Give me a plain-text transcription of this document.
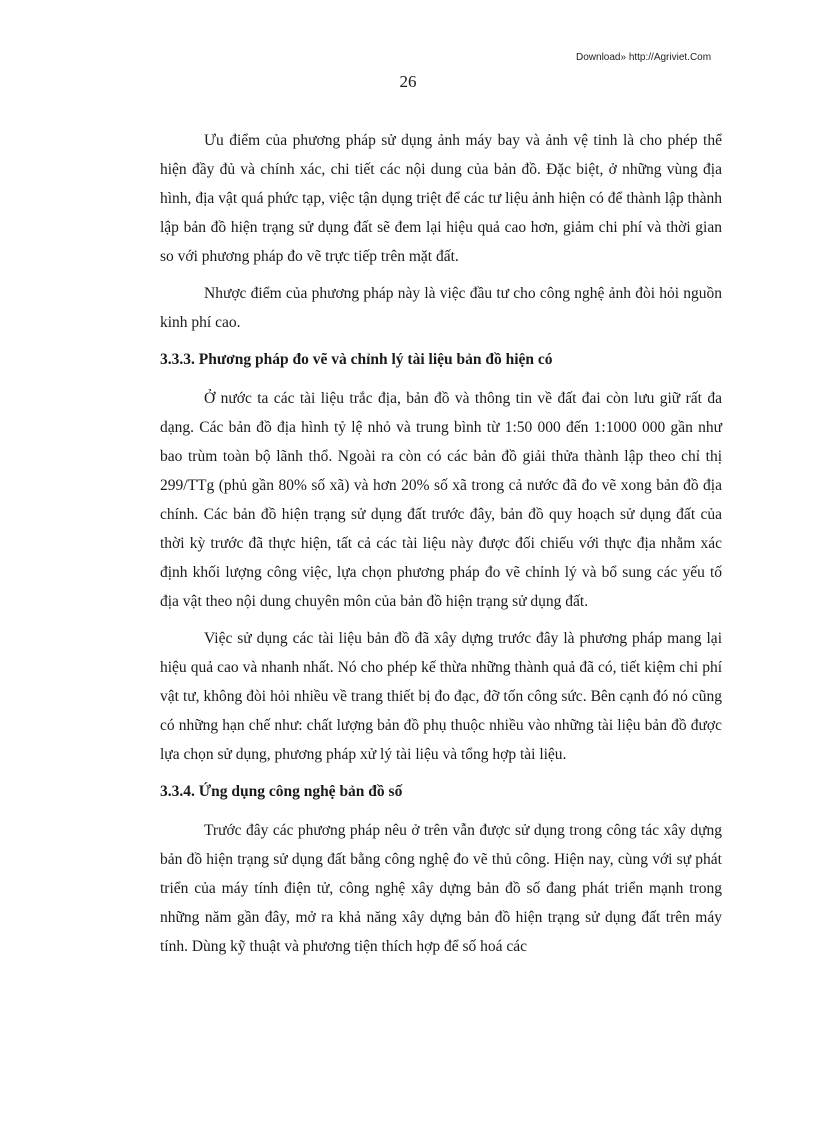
Download» http://Agriviet.Com
26

Ưu điểm của phương pháp sử dụng ảnh máy bay và ảnh vệ tinh là cho phép thể hiện đầy đủ và chính xác, chi tiết các nội dung của bản đồ. Đặc biệt, ở những vùng địa hình, địa vật quá phức tạp, việc tận dụng triệt để các tư liệu ảnh hiện có để thành lập thành lập bản đồ hiện trạng sử dụng đất sẽ đem lại hiệu quả cao hơn, giảm chi phí và thời gian so với phương pháp đo vẽ trực tiếp trên mặt đất.

Nhược điểm của phương pháp này là việc đầu tư cho công nghệ ảnh đòi hỏi nguồn kinh phí cao.

3.3.3. Phương pháp đo vẽ và chỉnh lý tài liệu bản đồ hiện có

Ở nước ta các tài liệu trắc địa, bản đồ và thông tin về đất đai còn lưu giữ rất đa dạng. Các bản đồ địa hình tỷ lệ nhỏ và trung bình từ 1:50 000 đến 1:1000 000 gần như bao trùm toàn bộ lãnh thổ. Ngoài ra còn có các bản đồ giải thửa thành lập theo chỉ thị 299/TTg (phủ gần 80% số xã) và hơn 20% số xã trong cả nước đã đo vẽ xong bản đồ địa chính. Các bản đồ hiện trạng sử dụng đất trước đây, bản đồ quy hoạch sử dụng đất của thời kỳ trước đã thực hiện, tất cả các tài liệu này được đối chiếu với thực địa nhằm xác định khối lượng công việc, lựa chọn phương pháp đo vẽ chỉnh lý và bổ sung các yếu tố địa vật theo nội dung chuyên môn của bản đồ hiện trạng sử dụng đất.

Việc sử dụng các tài liệu bản đồ đã xây dựng trước đây là phương pháp mang lại hiệu quả cao và nhanh nhất. Nó cho phép kế thừa những thành quả đã có, tiết kiệm chi phí vật tư, không đòi hỏi nhiều về trang thiết bị đo đạc, đỡ tốn công sức. Bên cạnh đó nó cũng có những hạn chế như: chất lượng bản đồ phụ thuộc nhiều vào những tài liệu bản đồ được lựa chọn sử dụng, phương pháp xử lý tài liệu và tổng hợp tài liệu.

3.3.4. Ứng dụng công nghệ bản đồ số

Trước đây các phương pháp nêu ở trên vẫn được sử dụng trong công tác xây dựng bản đồ hiện trạng sử dụng đất bằng công nghệ đo vẽ thủ công. Hiện nay, cùng với sự phát triển của máy tính điện tử, công nghệ xây dựng bản đồ số đang phát triển mạnh trong những năm gần đây, mở ra khả năng xây dựng bản đồ hiện trạng sử dụng đất trên máy tính. Dùng kỹ thuật và phương tiện thích hợp để số hoá các
